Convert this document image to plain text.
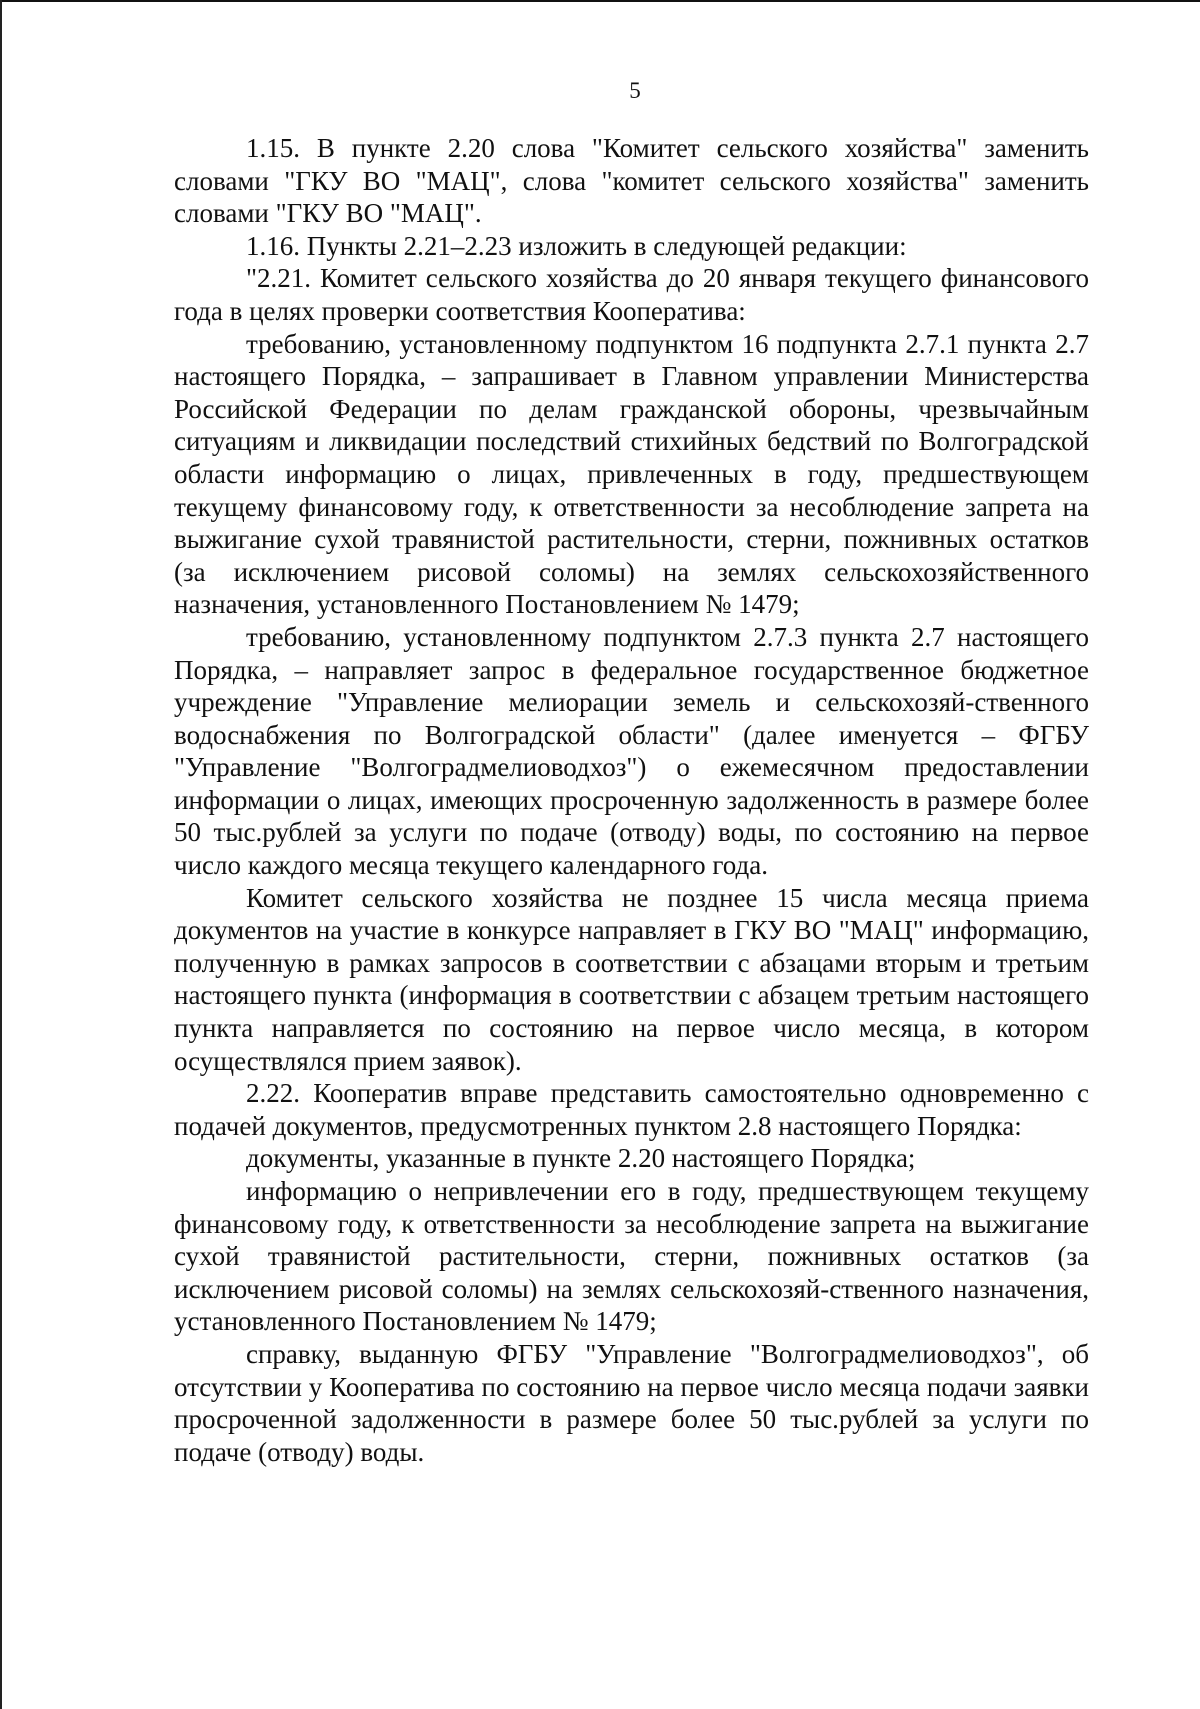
5

1.15. В пункте 2.20 слова "Комитет сельского хозяйства" заменить словами "ГКУ ВО "МАЦ", слова "комитет сельского хозяйства" заменить словами "ГКУ ВО "МАЦ".

1.16. Пункты 2.21–2.23 изложить в следующей редакции:

"2.21. Комитет сельского хозяйства до 20 января текущего финансового года в целях проверки соответствия Кооператива:

требованию, установленному подпунктом 16 подпункта 2.7.1 пункта 2.7 настоящего Порядка, – запрашивает в Главном управлении Министерства Российской Федерации по делам гражданской обороны, чрезвычайным ситуациям и ликвидации последствий стихийных бедствий по Волгоградской области информацию о лицах, привлеченных в году, предшествующем текущему финансовому году, к ответственности за несоблюдение запрета на выжигание сухой травянистой растительности, стерни, пожнивных остатков (за исключением рисовой соломы) на землях сельскохозяйственного назначения, установленного Постановлением № 1479;

требованию, установленному подпунктом 2.7.3 пункта 2.7 настоящего Порядка, – направляет запрос в федеральное государственное бюджетное учреждение "Управление мелиорации земель и сельскохозяй-ственного водоснабжения по Волгоградской области" (далее именуется – ФГБУ "Управление "Волгоградмелиоводхоз") о ежемесячном предоставлении информации о лицах, имеющих просроченную задолженность в размере более 50 тыс.рублей за услуги по подаче (отводу) воды, по состоянию на первое число каждого месяца текущего календарного года.

Комитет сельского хозяйства не позднее 15 числа месяца приема документов на участие в конкурсе направляет в ГКУ ВО "МАЦ" информацию, полученную в рамках запросов в соответствии с абзацами вторым и третьим настоящего пункта (информация в соответствии с абзацем третьим настоящего пункта направляется по состоянию на первое число месяца, в котором осуществлялся прием заявок).

2.22. Кооператив вправе представить самостоятельно одновременно с подачей документов, предусмотренных пунктом 2.8 настоящего Порядка:

документы, указанные в пункте 2.20 настоящего Порядка;

информацию о непривлечении его в году, предшествующем текущему финансовому году, к ответственности за несоблюдение запрета на выжигание сухой травянистой растительности, стерни, пожнивных остатков (за исключением рисовой соломы) на землях сельскохозяй-ственного назначения, установленного Постановлением № 1479;

справку, выданную ФГБУ "Управление "Волгоградмелиоводхоз", об отсутствии у Кооператива по состоянию на первое число месяца подачи заявки просроченной задолженности в размере более 50 тыс.рублей за услуги по подаче (отводу) воды.
